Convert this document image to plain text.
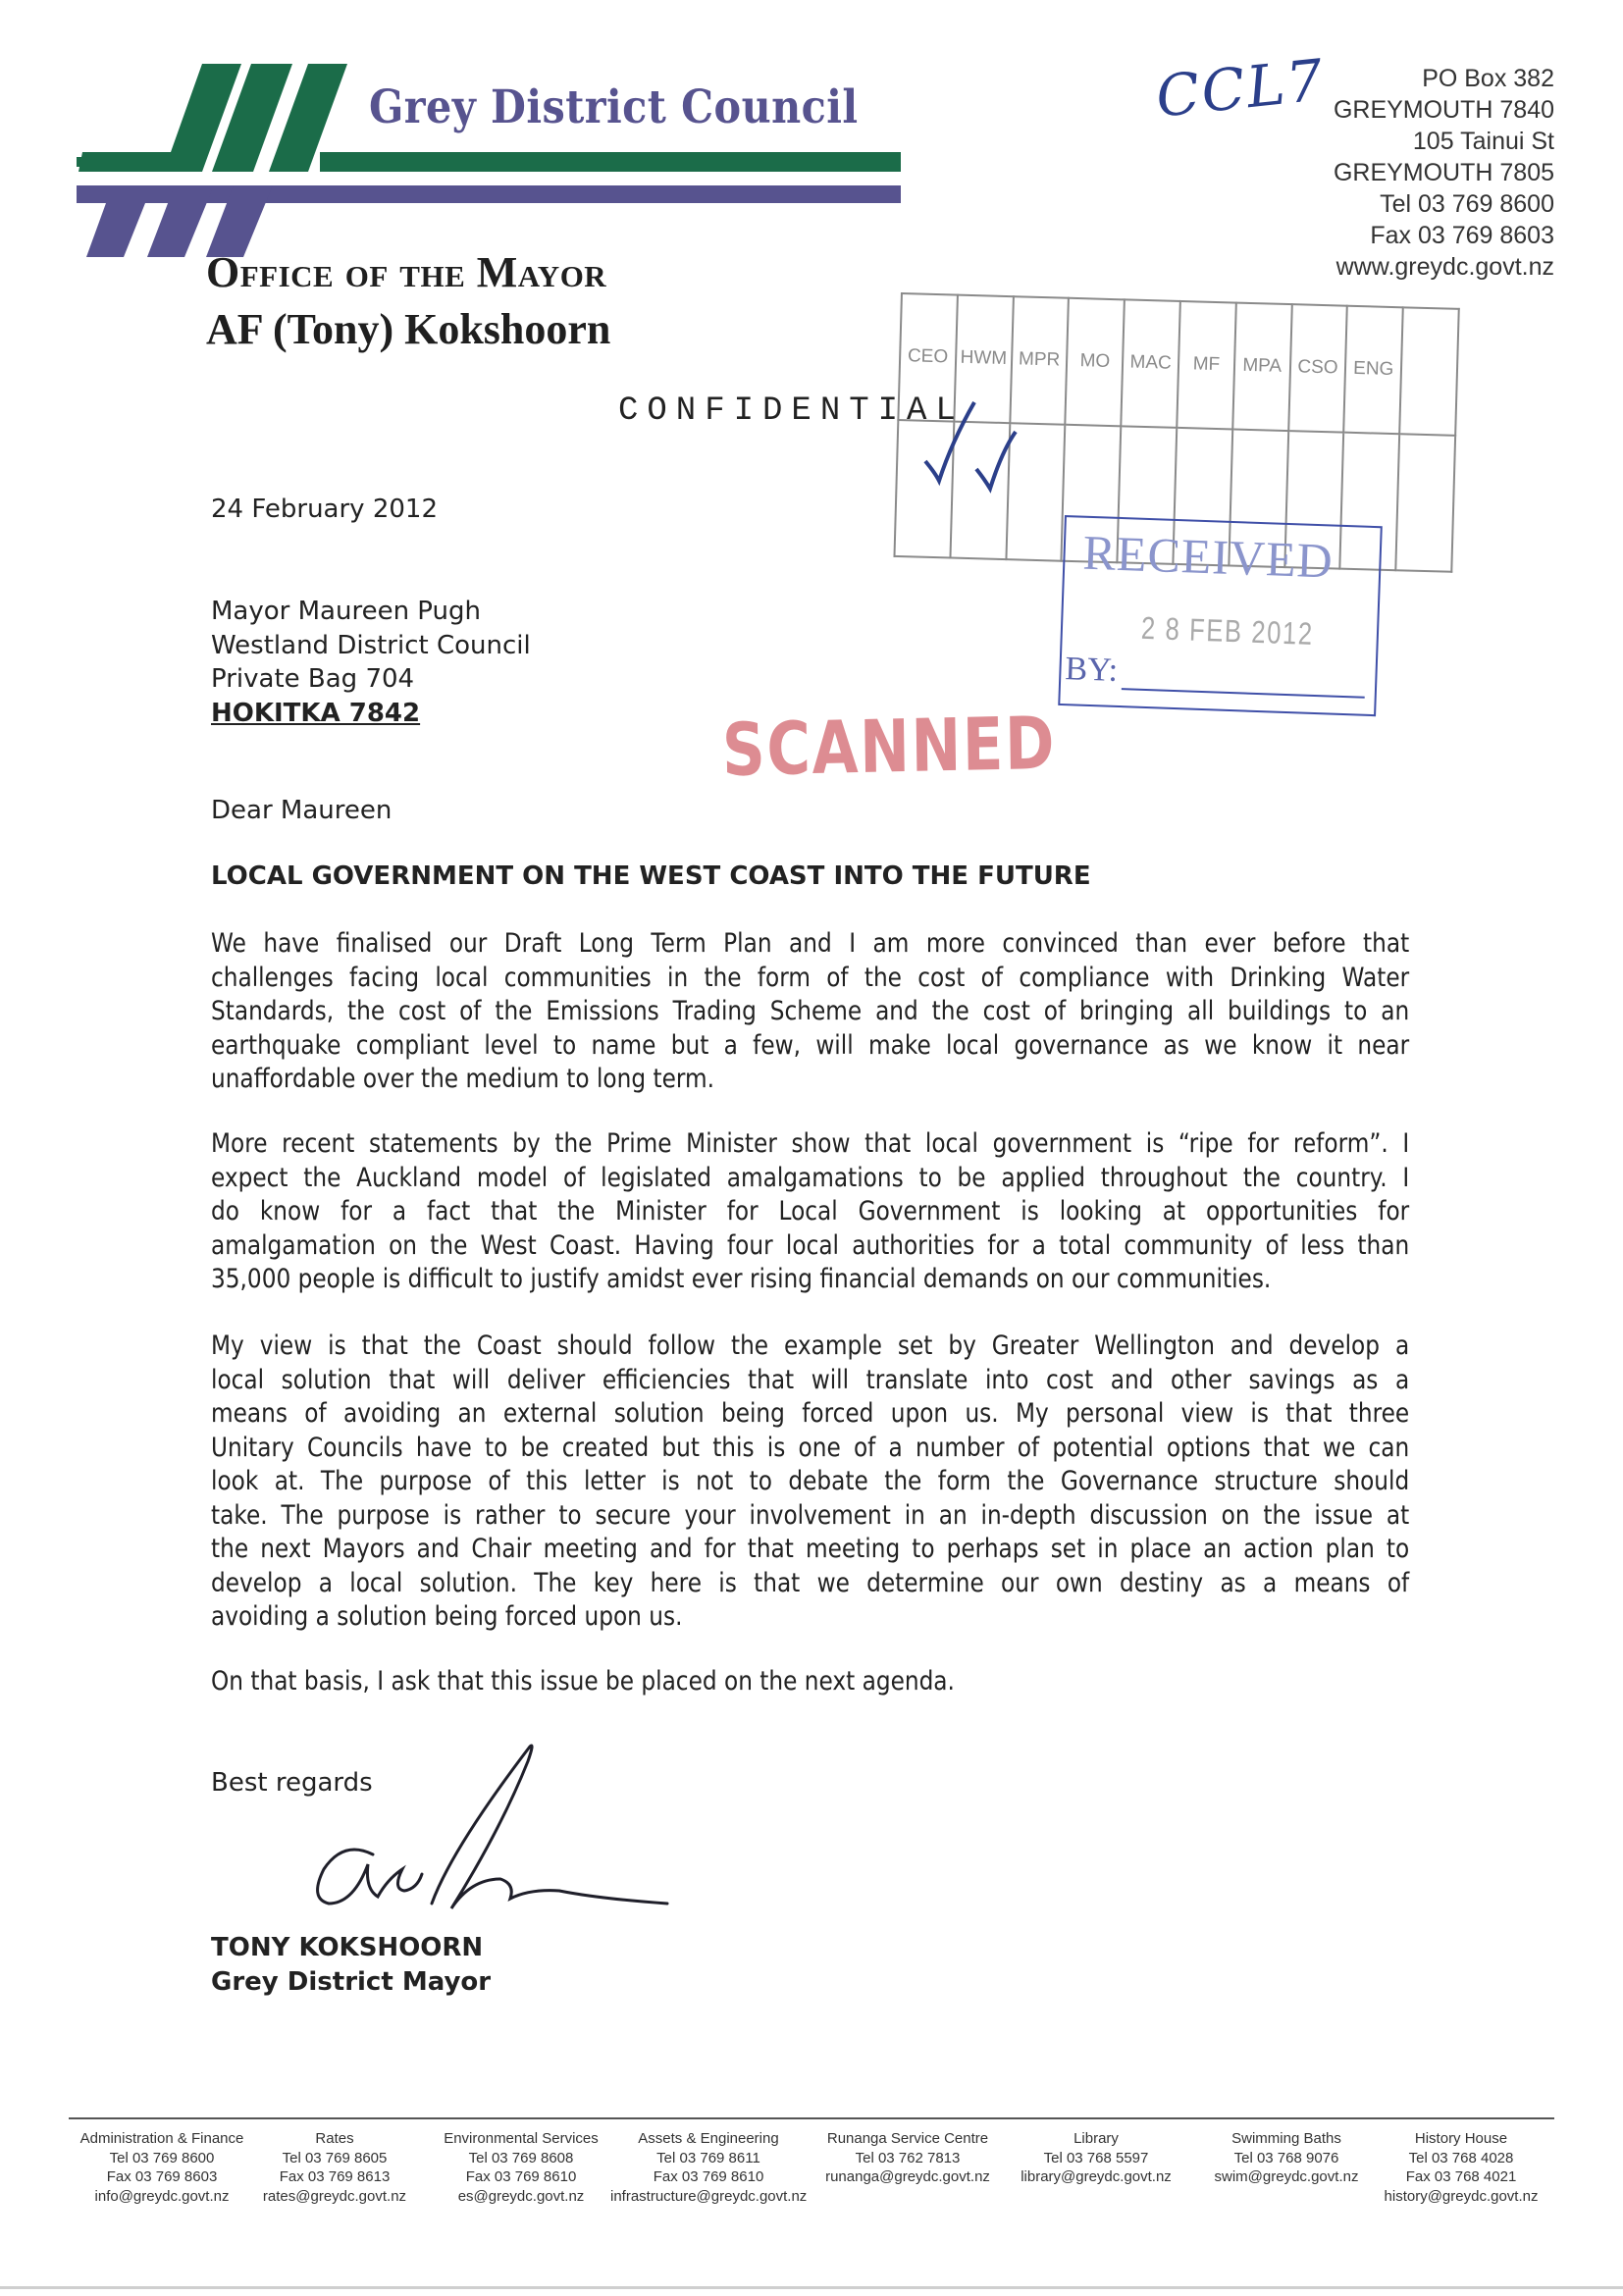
Grey District Council
Office of the Mayor
AF (Tony) Kokshoorn
PO Box 382
GREYMOUTH 7840
105 Tainui St
GREYMOUTH 7805
Tel 03 769 8600
Fax 03 769 8603
www.greydc.govt.nz
CCL7
CEO	HWM	MPR	MO	MAC	MF	MPA	CSO	ENG	

CONFIDENTIAL
RECEIVED
2 8 FEB 2012
BY:
SCANNED
24 February 2012
Mayor Maureen Pugh
Westland District Council
Private Bag 704
HOKITKA 7842
Dear Maureen
LOCAL GOVERNMENT ON THE WEST COAST INTO THE FUTURE
We have finalised our Draft Long Term Plan and I am more convinced than ever before that
challenges facing local communities in the form of the cost of compliance with Drinking Water
Standards, the cost of the Emissions Trading Scheme and the cost of bringing all buildings to an
earthquake compliant level to name but a few, will make local governance as we know it near
unaffordable over the medium to long term.
More recent statements by the Prime Minister show that local government is “ripe for reform”. I
expect the Auckland model of legislated amalgamations to be applied throughout the country. I
do know for a fact that the Minister for Local Government is looking at opportunities for
amalgamation on the West Coast. Having four local authorities for a total community of less than
35,000 people is difficult to justify amidst ever rising financial demands on our communities.
My view is that the Coast should follow the example set by Greater Wellington and develop a
local solution that will deliver efficiencies that will translate into cost and other savings as a
means of avoiding an external solution being forced upon us. My personal view is that three
Unitary Councils have to be created but this is one of a number of potential options that we can
look at. The purpose of this letter is not to debate the form the Governance structure should
take. The purpose is rather to secure your involvement in an in-depth discussion on the issue at
the next Mayors and Chair meeting and for that meeting to perhaps set in place an action plan to
develop a local solution. The key here is that we determine our own destiny as a means of
avoiding a solution being forced upon us.
On that basis, I ask that this issue be placed on the next agenda.
Best regards
TONY KOKSHOORN
Grey District Mayor
Administration & Finance
Tel 03 769 8600
Fax 03 769 8603
info@greydc.govt.nz
Rates
Tel 03 769 8605
Fax 03 769 8613
rates@greydc.govt.nz
Environmental Services
Tel 03 769 8608
Fax 03 769 8610
es@greydc.govt.nz
Assets & Engineering
Tel 03 769 8611
Fax 03 769 8610
infrastructure@greydc.govt.nz
Runanga Service Centre
Tel 03 762 7813
runanga@greydc.govt.nz
Library
Tel 03 768 5597
library@greydc.govt.nz
Swimming Baths
Tel 03 768 9076
swim@greydc.govt.nz
History House
Tel 03 768 4028
Fax 03 768 4021
history@greydc.govt.nz
